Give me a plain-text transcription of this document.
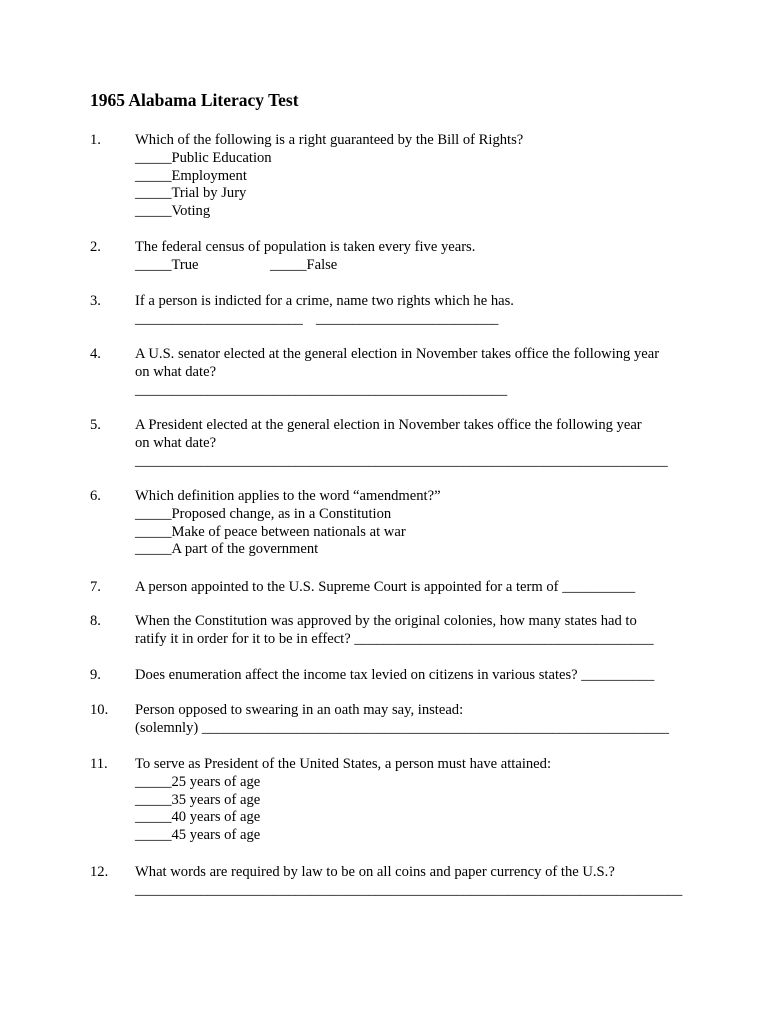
1965 Alabama Literacy Test
1. Which of the following is a right guaranteed by the Bill of Rights?
_____Public Education
_____Employment
_____Trial by Jury
_____Voting
2. The federal census of population is taken every five years.
_____True	_____False
3. If a person is indicted for a crime, name two rights which he has.
_______________________ _________________________
4. A U.S. senator elected at the general election in November takes office the following year
on what date?
___________________________________________________
5. A President elected at the general election in November takes office the following year
on what date?
_________________________________________________________________________
6. Which definition applies to the word “amendment?”
_____Proposed change, as in a Constitution
_____Make of peace between nationals at war
_____A part of the government
7. A person appointed to the U.S. Supreme Court is appointed for a term of __________
8. When the Constitution was approved by the original colonies, how many states had to
ratify it in order for it to be in effect? _________________________________________
9. Does enumeration affect the income tax levied on citizens in various states? __________
10. Person opposed to swearing in an oath may say, instead:
(solemnly) ________________________________________________________________
11. To serve as President of the United States, a person must have attained:
_____25 years of age
_____35 years of age
_____40 years of age
_____45 years of age
12. What words are required by law to be on all coins and paper currency of the U.S.?
___________________________________________________________________________
